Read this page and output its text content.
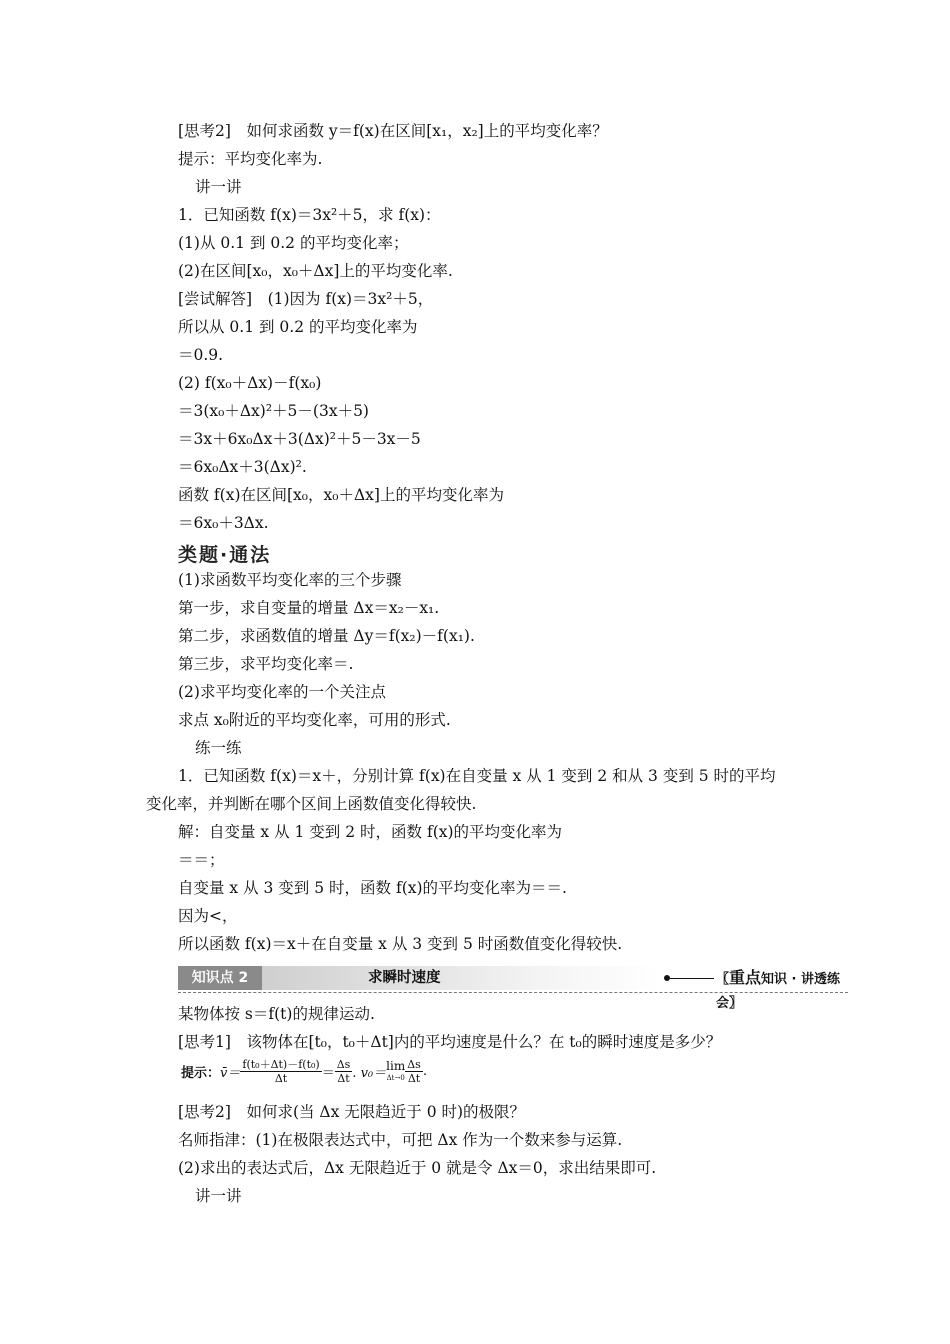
[思考2]　如何求函数 y＝f(x)在区间[x₁，x₂]上的平均变化率？
提示：平均变化率为.
讲一讲
1．已知函数 f(x)＝3x²＋5，求 f(x)：
(1)从 0.1 到 0.2 的平均变化率；
(2)在区间[x₀，x₀＋Δx]上的平均变化率.
[尝试解答]　(1)因为 f(x)＝3x²＋5，
所以从 0.1 到 0.2 的平均变化率为
＝0.9.
(2) f(x₀＋Δx)－f(x₀)
＝3(x₀＋Δx)²＋5－(3x＋5)
＝3x＋6x₀Δx＋3(Δx)²＋5－3x－5
＝6x₀Δx＋3(Δx)².
函数 f(x)在区间[x₀，x₀＋Δx]上的平均变化率为
＝6x₀＋3Δx.
类题·通法
(1)求函数平均变化率的三个步骤
第一步，求自变量的增量 Δx＝x₂－x₁.
第二步，求函数值的增量 Δy＝f(x₂)－f(x₁).
第三步，求平均变化率＝.
(2)求平均变化率的一个关注点
求点 x₀附近的平均变化率，可用的形式.
练一练
1．已知函数 f(x)＝x＋，分别计算 f(x)在自变量 x 从 1 变到 2 和从 3 变到 5 时的平均
变化率，并判断在哪个区间上函数值变化得较快.
解：自变量 x 从 1 变到 2 时，函数 f(x)的平均变化率为
＝＝；
自变量 x 从 3 变到 5 时，函数 f(x)的平均变化率为＝＝.
因为<，
所以函数 f(x)＝x＋在自变量 x 从 3 变到 5 时函数值变化得较快.
知识点 2	求瞬时速度	〖重点知识 · 讲透练会〗
某物体按 s＝f(t)的规律运动.
[思考1]　该物体在[t₀，t₀＋Δt]内的平均速度是什么？在 t₀的瞬时速度是多少？
提示：v̄＝ $\frac{\text{f(t₀＋Δt)－f(t₀)}}{\Delta t} = \frac{\Delta s}{\Delta t}$ . v₀＝
lim
$\Delta t\to 0 \frac{\Delta s}{\Delta t}$ .
[思考2]　如何求(当 Δx 无限趋近于 0 时)的极限？
名师指津：(1)在极限表达式中，可把 Δx 作为一个数来参与运算.
(2)求出的表达式后，Δx 无限趋近于 0 就是令 Δx＝0，求出结果即可.
讲一讲
